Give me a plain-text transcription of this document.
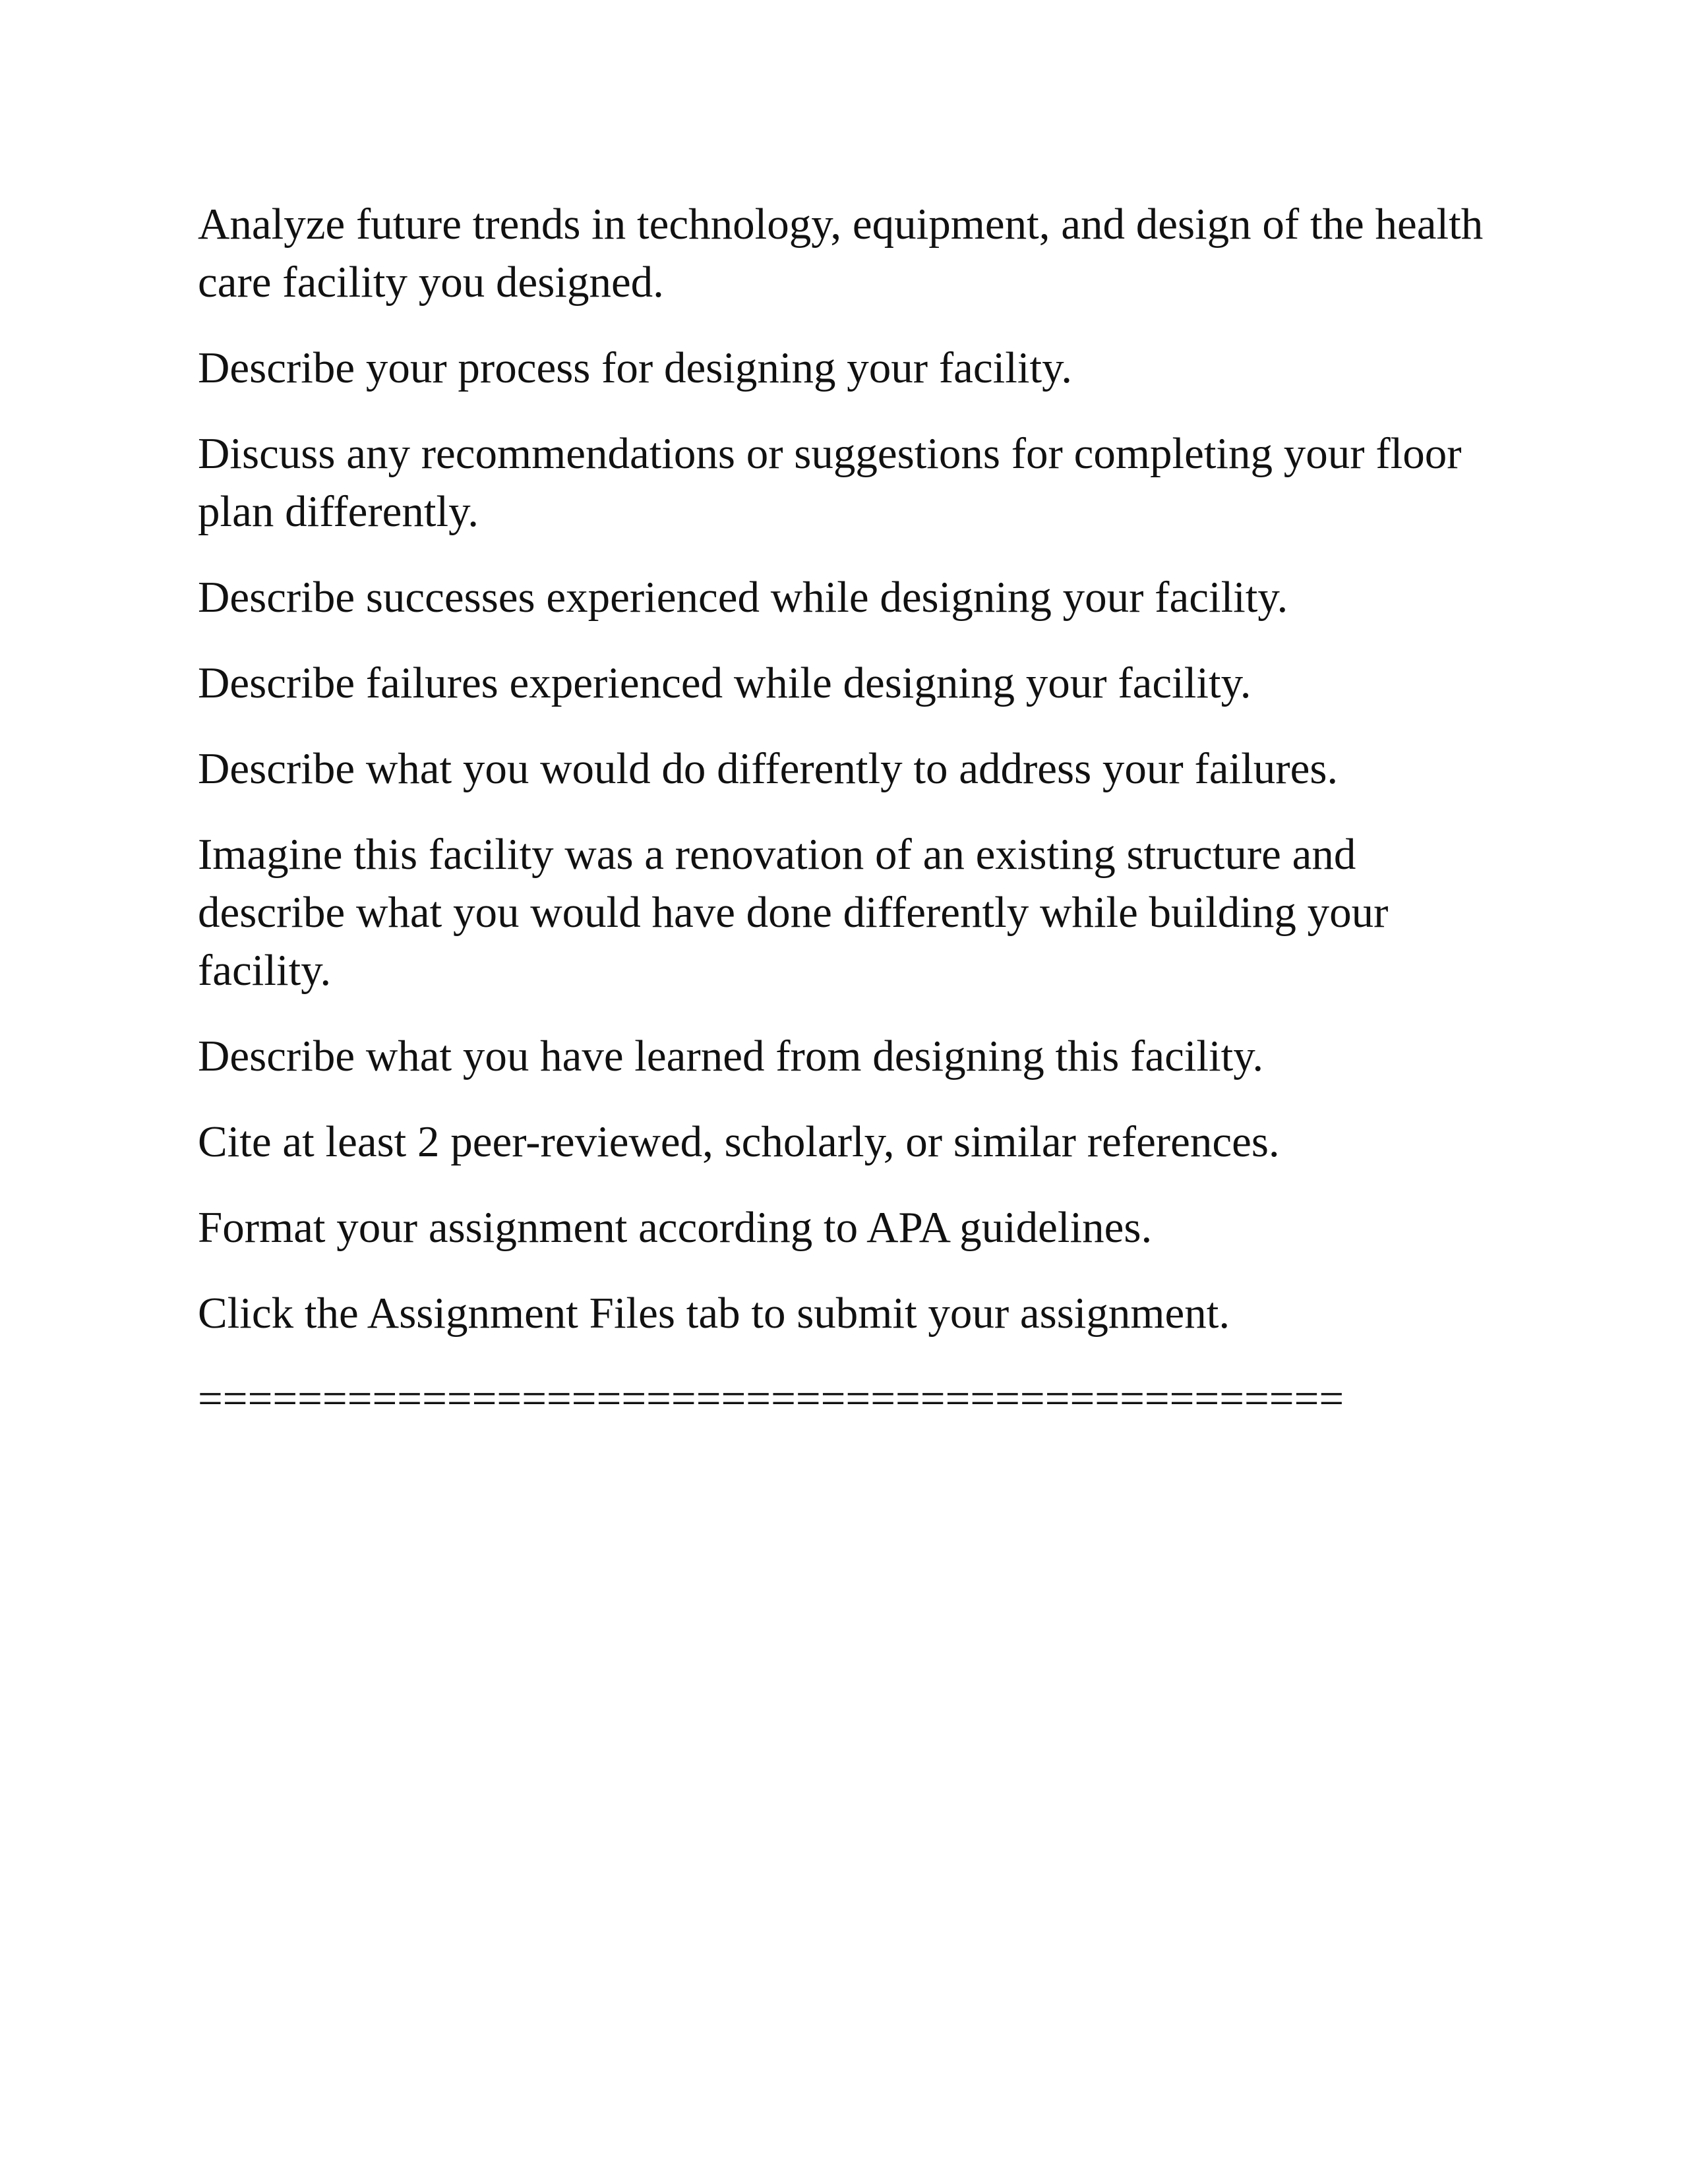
Analyze future trends in technology, equipment, and design of the health care facility you designed.

Describe your process for designing your facility.

Discuss any recommendations or suggestions for completing your floor plan differently.

Describe successes experienced while designing your facility.

Describe failures experienced while designing your facility.

Describe what you would do differently to address your failures.

Imagine this facility was a renovation of an existing structure and describe what you would have done differently while building your facility.

Describe what you have learned from designing this facility.

Cite at least 2 peer-reviewed, scholarly, or similar references.

Format your assignment according to APA guidelines.

Click the Assignment Files tab to submit your assignment.

==============================================
